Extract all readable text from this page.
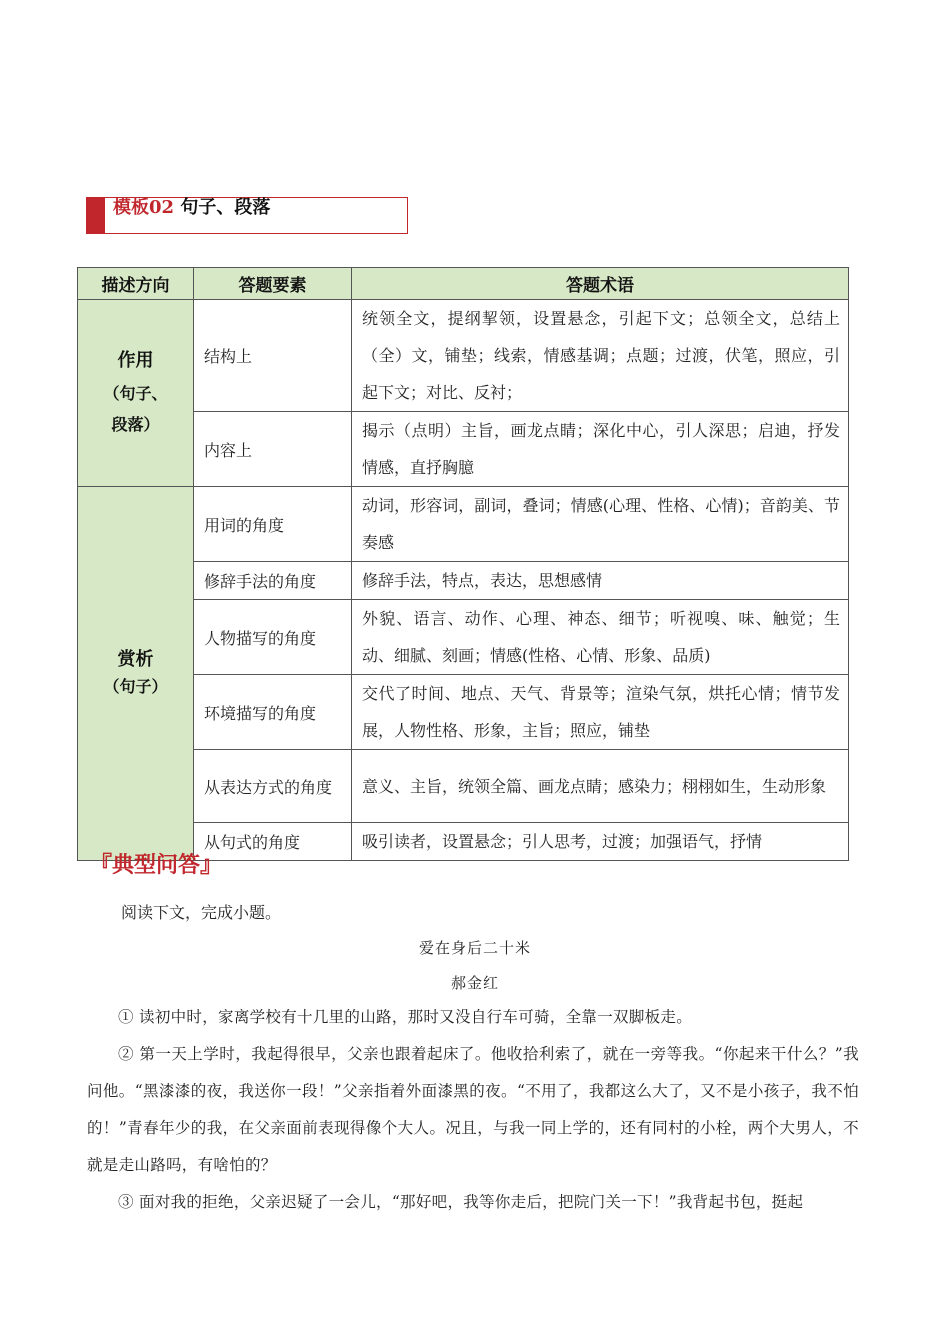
模板02 句子、段落
描述方向	答题要素	答题术语

作用
（句子、段落）	结构上	统领全文，提纲挈领，设置悬念，引起下文；总领全文，总结上（全）文，铺垫；线索，情感基调；点题；过渡，伏笔，照应，引起下文；对比、反衬；
	内容上	揭示（点明）主旨，画龙点睛；深化中心，引人深思；启迪，抒发情感，直抒胸臆

赏析
（句子）	用词的角度	动词，形容词，副词，叠词；情感(心理、性格、心情)；音韵美、节奏感
	修辞手法的角度	修辞手法，特点，表达，思想感情
	人物描写的角度	外貌、语言、动作、心理、神态、细节；听视嗅、味、触觉；生动、细腻、刻画；情感(性格、心情、形象、品质)
	环境描写的角度	交代了时间、地点、天气、背景等；渲染气氛，烘托心情；情节发展，人物性格、形象，主旨；照应，铺垫
	从表达方式的角度	意义、主旨，统领全篇、画龙点睛；感染力；栩栩如生，生动形象
	从句式的角度	吸引读者，设置悬念；引人思考，过渡；加强语气，抒情
『典型问答』
阅读下文，完成小题。
爱在身后二十米
郝金红
① 读初中时，家离学校有十几里的山路，那时又没自行车可骑，全靠一双脚板走。
② 第一天上学时，我起得很早，父亲也跟着起床了。他收拾利索了，就在一旁等我。“你起来干什么？”我问他。“黑漆漆的夜，我送你一段！”父亲指着外面漆黑的夜。“不用了，我都这么大了，又不是小孩子，我不怕的！”青春年少的我，在父亲面前表现得像个大人。况且，与我一同上学的，还有同村的小栓，两个大男人，不就是走山路吗，有啥怕的？
③ 面对我的拒绝，父亲迟疑了一会儿，“那好吧，我等你走后，把院门关一下！”我背起书包，挺起
